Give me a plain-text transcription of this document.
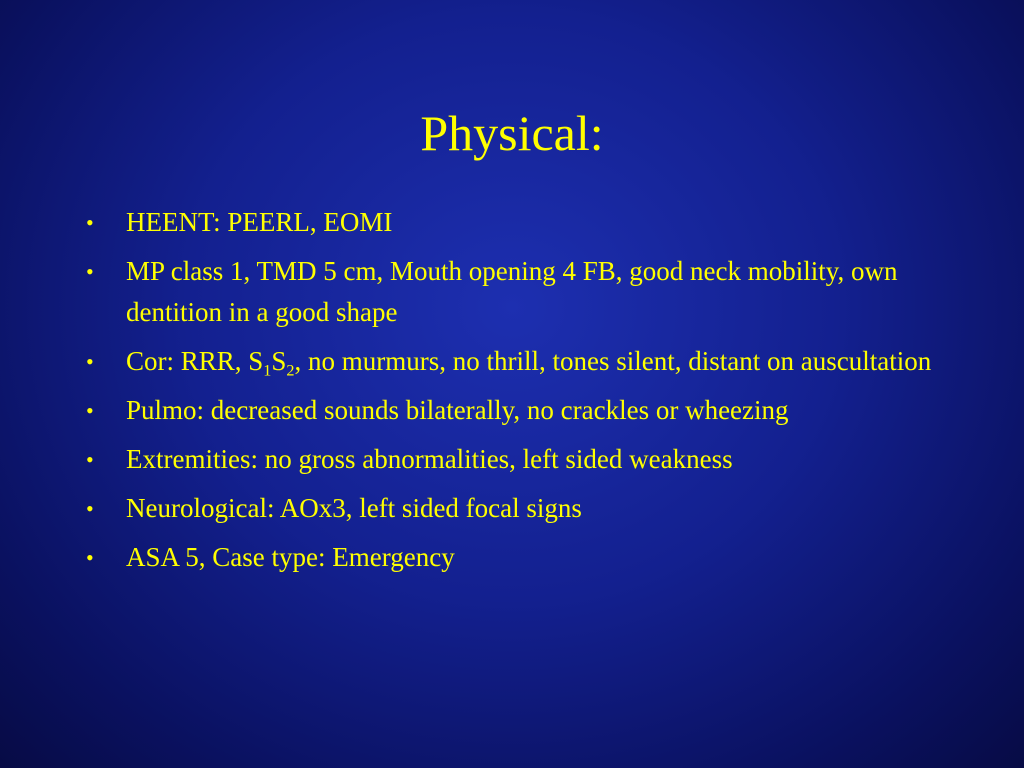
Physical:
•	HEENT: PEERL, EOMI
•	MP class 1, TMD 5 cm, Mouth opening 4 FB, good neck mobility, own dentition in a good shape
•	Cor: RRR, $S_1S_2$, no murmurs, no thrill, tones silent, distant on auscultation
•	Pulmo: decreased sounds bilaterally, no crackles or wheezing
•	Extremities: no gross abnormalities, left sided weakness
•	Neurological: AOx3, left sided focal signs
•	ASA 5, Case type: Emergency
